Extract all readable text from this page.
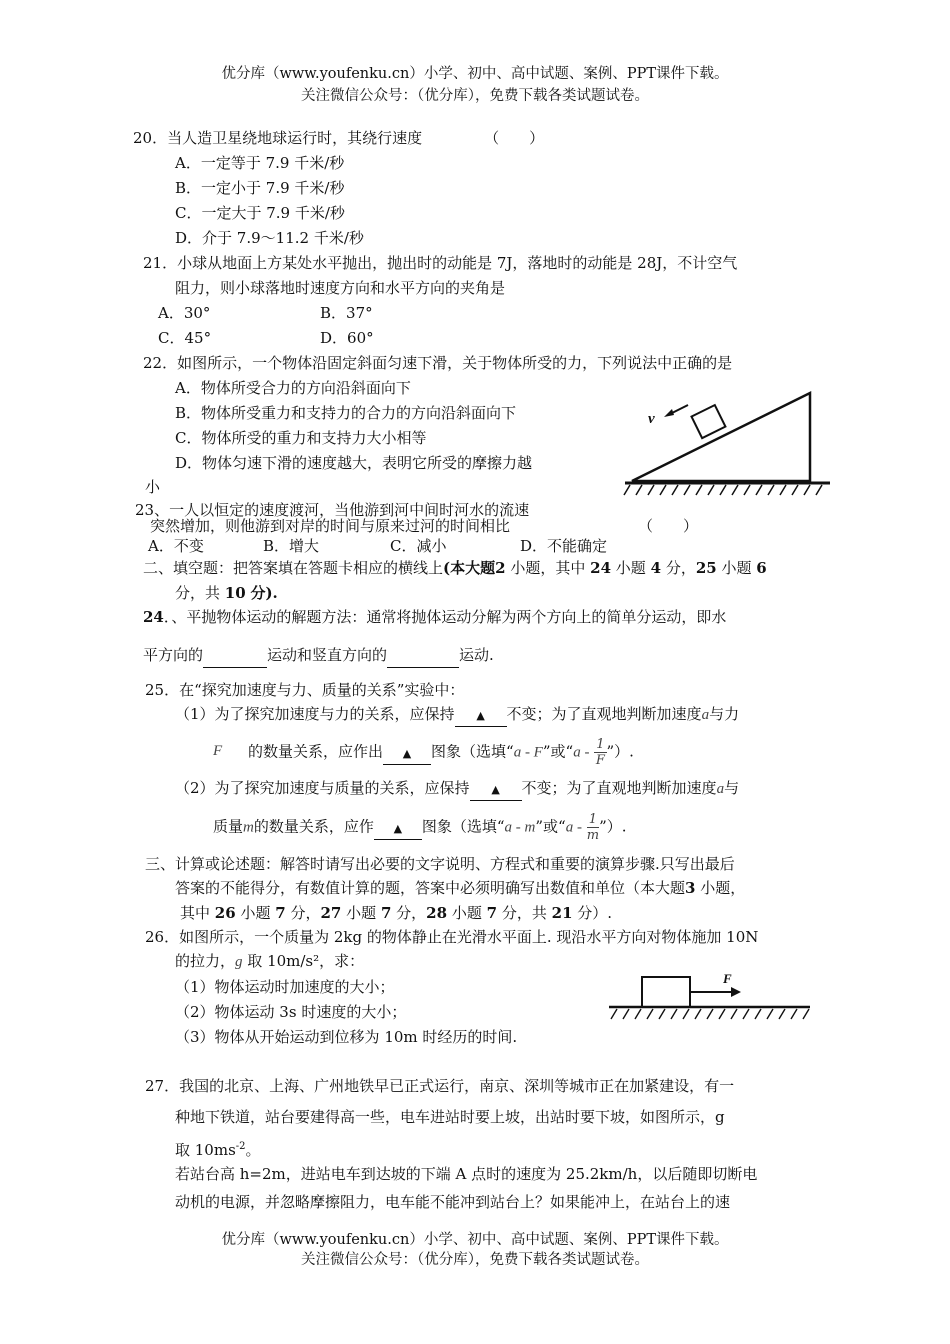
优分库（www.youfenku.cn）小学、初中、高中试题、案例、PPT课件下载。
关注微信公众号：（优分库），免费下载各类试题试卷。
20．当人造卫星绕地球运行时，其绕行速度	（　　）
A．一定等于 7.9 千米/秒
B．一定小于 7.9 千米/秒
C．一定大于 7.9 千米/秒
D．介于 7.9～11.2 千米/秒
21．小球从地面上方某处水平抛出，抛出时的动能是 7J，落地时的动能是 28J，不计空气
阻力，则小球落地时速度方向和水平方向的夹角是
A．30°	B．37°
C．45°	D．60°
22．如图所示，一个物体沿固定斜面匀速下滑，关于物体所受的力，下列说法中正确的是
A．物体所受合力的方向沿斜面向下
B．物体所受重力和支持力的合力的方向沿斜面向下
C．物体所受的重力和支持力大小相等
D．物体匀速下滑的速度越大，表明它所受的摩擦力越
小
v
23、一人以恒定的速度渡河，当他游到河中间时河水的流速
突然增加，则他游到对岸的时间与原来过河的时间相比	（　　）
A．不变	B．增大	C．减小	D．不能确定
二、填空题：把答案填在答题卡相应的横线上(本大题2 小题，其中 24 小题 4 分，25 小题 6
分，共 10 分).
24．、平抛物体运动的解题方法：通常将抛体运动分解为两个方向上的简单分运动，即水
平方向的	运动和竖直方向的	运动.
25．在“探究加速度与力、质量的关系”实验中：
（1）为了探究加速度与力的关系，应保持 ▲ 不变；为了直观地判断加速度a与力
F 的数量关系，应作出 ▲ 图象（选填“a - F”或“a - $\frac{1}{F}$”）.
（2）为了探究加速度与质量的关系，应保持 ▲ 不变；为了直观地判断加速度a与
质量m的数量关系，应作 ▲ 图象（选填“a - m”或“a - $\frac{1}{m}$”）.
三、计算或论述题：解答时请写出必要的文字说明、方程式和重要的演算步骤.只写出最后
答案的不能得分，有数值计算的题，答案中必须明确写出数值和单位（本大题3 小题，
其中 26 小题 7 分，27 小题 7 分，28 小题 7 分，共 21 分）.
26．如图所示，一个质量为 2kg 的物体静止在光滑水平面上. 现沿水平方向对物体施加 10N
的拉力，g 取 10m/s²，求：
（1）物体运动时加速度的大小；
（2）物体运动 3s 时速度的大小；
（3）物体从开始运动到位移为 10m 时经历的时间.
F
27．我国的北京、上海、广州地铁早已正式运行，南京、深圳等城市正在加紧建设，有一
种地下铁道，站台要建得高一些，电车进站时要上坡，出站时要下坡，如图所示，g
取 $10ms^{-2}$。
若站台高 h=2m，进站电车到达坡的下端 A 点时的速度为 25.2km/h，以后随即切断电
动机的电源，并忽略摩擦阻力，电车能不能冲到站台上？如果能冲上，在站台上的速
优分库（www.youfenku.cn）小学、初中、高中试题、案例、PPT课件下载。
关注微信公众号：（优分库），免费下载各类试题试卷。
